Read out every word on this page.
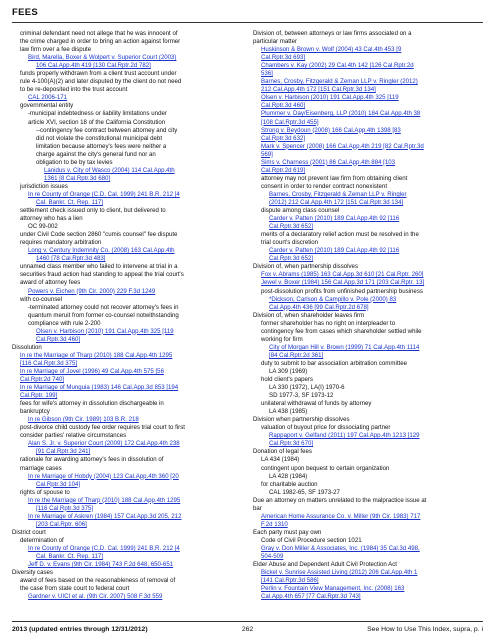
FEES
criminal defendant need not allege that he was innocent of
the crime charged in order to bring an action against former
law firm over a fee dispute
Bird, Marella, Boxer & Wolpert v. Superior Court (2003)
106 Cal.App.4th 419 [130 Cal.Rptr.2d 782]
funds properly withdrawn from a client trust account under
rule 4-100(A)(2) and later disputed by the client do not need
to be re-deposited into the trust account
CAL 2006-171
governmental entity
-municipal indebtedness or liability limitations under
article XVI, section 18 of the California Constitution
--contingency fee contract between attorney and city
did not violate the constitutional municipal debt
limitation because attorney's fees were neither a
charge against the city's general fund nor an
obligation to be by tax levies
Lanidus v. City of Wasco (2004) 114 Cal.App.4th
1361 [8 Cal.Rptr.3d 680]
jurisdiction issues
In re County of Orange (C.D. Cal. 1999) 241 B.R. 212 [4
Cal. Bankr. Ct. Rep. 117]
settlement check issued only to client, but delivered to
attorney who has a lien
OC 99-002
under Civil Code section 2860 "cumis counsel" fee dispute
requires mandatory arbitration
Long v. Century Indemnity Co. (2008) 163 Cal.App.4th
1460 [78 Cal.Rptr.3d 483]
unnamed class member who failed to intervene at trial in a
securities fraud action had standing to appeal the trial court's
award of attorney fees
Powers v. Eichen (9th Cir. 2000) 229 F.3d 1249
with co-counsel
-terminated attorney could not recover attorney's fees in
quantum meruit from former co-counsel notwithstanding
compliance with rule 2-200
Olsen v. Harbison (2010) 191 Cal.App.4th 325 [119
Cal.Rptr.3d 460]
Dissolution
In re the Marriage of Tharp (2010) 188 Cal.App.4th 1295
[116 Cal.Rptr.3d 375]
In re Marriage of Jovel (1996) 49 Cal.App.4th 575 [56
Cal.Rptr.2d 740]
In re Marriage of Munguia (1983) 146 Cal.App.3d 853 [194
Cal.Rptr. 199]
fees for wife's attorney in dissolution dischargeable in
bankruptcy
In re Gibson (9th Cir. 1989) 103 B.R. 218
post-divorce child custody fee order requires trial court to first
consider parties' relative circumstances
Alan S. Jr. v. Superior Court (2009) 172 Cal.App.4th 238
[91 Cal.Rptr.3d 241]
rationale for awarding attorney's fees in dissolution of
marriage cases
In re Marriage of Hobdy (2004) 123 Cal.App.4th 360 [20
Cal.Rptr.3d 104]
rights of spouse to
In re the Marriage of Tharp (2010) 188 Cal.App.4th 1295
[116 Cal.Rptr.3d 375]
In re Marriage of Askren (1984) 157 Cal.App.3d 205, 212
[203 Cal.Rptr. 606]
District court
determination of
In re County of Orange (C.D. Cal. 1999) 241 B.R. 212 [4
Cal. Bankr. Ct. Rep. 117]
Jeff D. v. Evans (9th Cir. 1984) 743 F.2d 648, 650-651
Diversity cases
award of fees based on the reasonableness of removal of
the case from state court to federal court
Gardner v. UICI et al. (9th Cir. 2007) 508 F.3d 559
Division of, between attorneys or law firms associated on a
particular matter
Huskinson & Brown v. Wolf (2004) 43 Cal.4th 453 [9
Cal.Rptr.3d 693]
Chambers v. Kay (2002) 29 Cal.4th 142 [126 Cal.Rptr.2d
536]
Barnes, Crosby, Fitzgerald & Zeman LLP v. Ringler (2012)
212 Cal.App.4th 172 [151 Cal.Rptr.3d 134]
Olsen v. Harbison (2010) 191 Cal.App.4th 325 [119
Cal.Rptr.3d 460]
Plummer v. Day/Eisenberg, LLP (2010) 184 Cal.App.4th 38
[108 Cal.Rptr.3d 455]
Strong v. Beydoun (2008) 166 Cal.App.4th 1398 [83
Cal.Rptr.3d 632]
Mark v. Spencer (2008) 166 Cal.App.4th 219 [82 Cal.Rptr.3d
569]
Sims v. Charness (2001) 86 Cal.App.4th 884 [103
Cal.Rptr.2d 619]
attorney may not prevent law firm from obtaining client
consent in order to render contract nonexistent
Barnes, Crosby, Fitzgerald & Zeman LLP v. Ringler
(2012) 212 Cal.App.4th 172 [151 Cal.Rptr.3d 134]
dispute among class counsel
Carder v. Patten (2010) 189 Cal.App.4th 92 [116
Cal.Rptr.3d 652]
merits of a declaratory relief action must be resolved in the
trial court's discretion
Carder v. Patten (2010) 189 Cal.App.4th 92 [116
Cal.Rptr.3d 652]
Division of, when partnership dissolves
Fox v. Abrams (1985) 163 Cal.App.3d 610 [21 Cal.Rptr. 260]
Jewel v. Boxer (1984) 156 Cal.App.3d 171 [203 Cal.Rptr. 13]
post-dissolution profits from unfinished partnership business
*Dickson, Carlson & Campillo v. Pole (2000) 83
Cal.App.4th 436 [99 Cal.Rptr.2d 678]
Division of, when shareholder leaves firm
former shareholder has no right on interpleader to
contingency fee from cases which shareholder settled while
working for firm
City of Morgan Hill v. Brown (1999) 71 Cal.App.4th 1114
[84 Cal.Rptr.2d 361]
duty to submit to bar association arbitration committee
LA 309 (1969)
hold client's papers
LA 330 (1972), LA(I) 1970-6
SD 1977-3, SF 1973-12
unilateral withdrawal of funds by attorney
LA 438 (1985)
Division when partnership dissolves
valuation of buyout price for dissociating partner
Rappaport v. Gelfand (2011) 197 Cal.App.4th 1213 [129
Cal.Rptr.3d 670]
Donation of legal fees
LA 434 (1984)
contingent upon bequest to certain organization
LA 428 (1984)
for charitable auction
CAL 1982-65, SF 1973-27
Due an attorney on matters unrelated to the malpractice issue at
bar
American Home Assurance Co. v. Miller (9th Cir. 1983) 717
F.2d 1310
Each party must pay own
Code of Civil Procedure section 1021
Gray v. Don Miller & Associates, Inc. (1984) 35 Cal.3d 498,
504-509
Elder Abuse and Dependent Adult Civil Protection Act
Bickel v. Sunrise Assisted Living (2012) 206 Cal.App.4th 1
[141 Cal.Rptr.3d 586]
Perlin v. Fountain View Management, Inc. (2008) 163
Cal.App.4th 657 [77 Cal.Rptr.3d 743]
2013 (updated entries through 12/31/2012)	262	See How to Use This Index, supra, p. i
